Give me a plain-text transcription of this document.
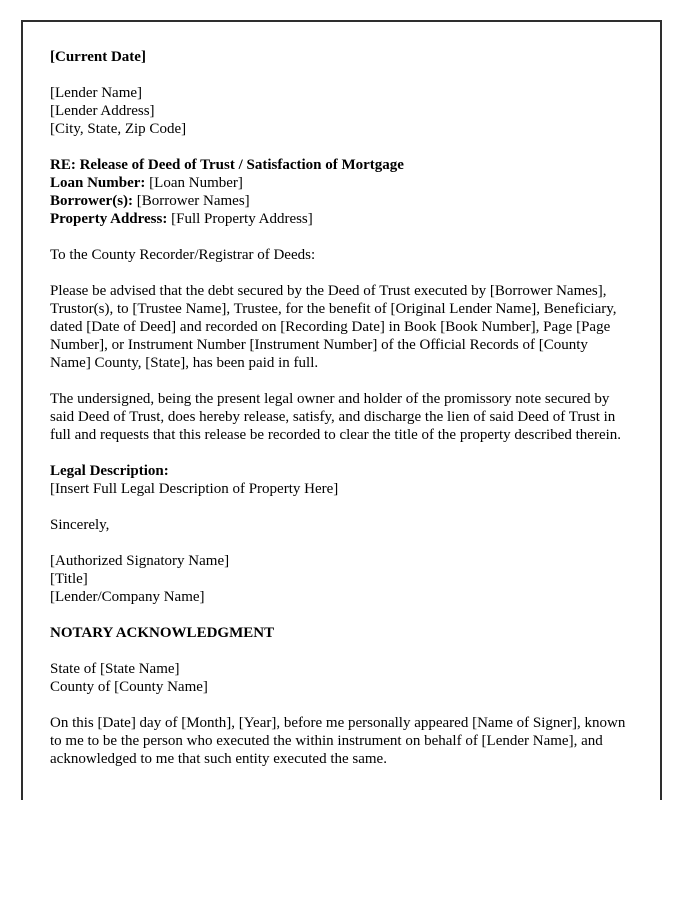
[Current Date]

[Lender Name]
[Lender Address]
[City, State, Zip Code]
RE: Release of Deed of Trust / Satisfaction of Mortgage
Loan Number: [Loan Number]
Borrower(s): [Borrower Names]
Property Address: [Full Property Address]

To the County Recorder/Registrar of Deeds:

Please be advised that the debt secured by the Deed of Trust executed by [Borrower Names], Trustor(s), to [Trustee Name], Trustee, for the benefit of [Original Lender Name], Beneficiary, dated [Date of Deed] and recorded on [Recording Date] in Book [Book Number], Page [Page Number], or Instrument Number [Instrument Number] of the Official Records of [County Name] County, [State], has been paid in full.

The undersigned, being the present legal owner and holder of the promissory note secured by said Deed of Trust, does hereby release, satisfy, and discharge the lien of said Deed of Trust in full and requests that this release be recorded to clear the title of the property described therein.

Legal Description:
[Insert Full Legal Description of Property Here]

Sincerely,

[Authorized Signatory Name]
[Title]
[Lender/Company Name]

NOTARY ACKNOWLEDGMENT

State of [State Name]
County of [County Name]

On this [Date] day of [Month], [Year], before me personally appeared [Name of Signer], known to me to be the person who executed the within instrument on behalf of [Lender Name], and acknowledged to me that such entity executed the same.
